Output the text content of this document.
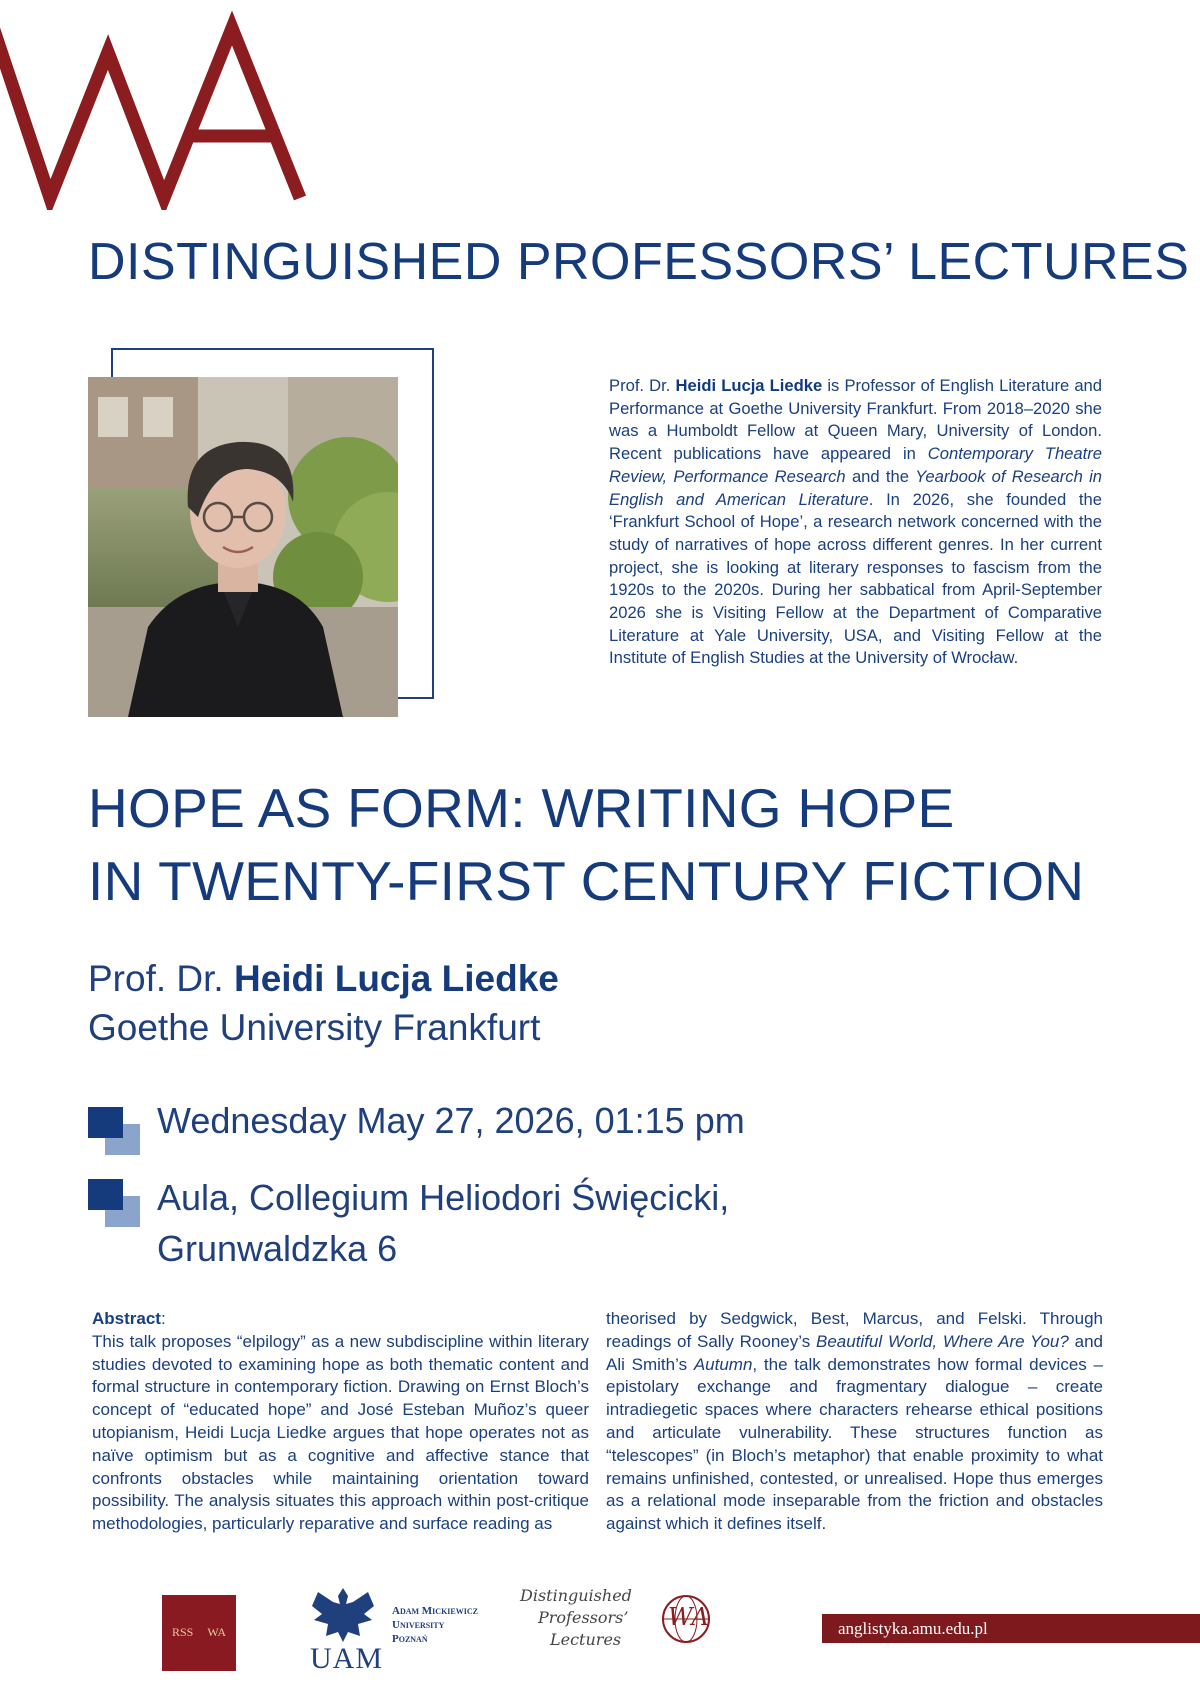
WA
DISTINGUISHED PROFESSORS’ LECTURES
Prof. Dr. Heidi Lucja Liedke is Professor of English Literature and Performance at Goethe University Frankfurt. From 2018–2020 she was a Humboldt Fellow at Queen Mary, University of London. Recent publications have appeared in Contemporary Theatre Review, Performance Research and the Yearbook of Research in English and American Literature. In 2026, she founded the ‘Frankfurt School of Hope’, a research network concerned with the study of narratives of hope across different genres. In her current project, she is looking at literary responses to fascism from the 1920s to the 2020s. During her sabbatical from April-September 2026 she is Visiting Fellow at the Department of Comparative Literature at Yale University, USA, and Visiting Fellow at the Institute of English Studies at the University of Wrocław.
HOPE AS FORM: WRITING HOPE
IN TWENTY-FIRST CENTURY FICTION
Prof. Dr. Heidi Lucja Liedke
Goethe University Frankfurt
Wednesday May 27, 2026, 01:15 pm
Aula, Collegium Heliodori Święcicki,
Grunwaldzka 6
Abstract:
This talk proposes “elpilogy” as a new subdiscipline within literary studies devoted to examining hope as both thematic content and formal structure in contemporary fiction. Drawing on Ernst Bloch’s concept of “educated hope” and José Esteban Muñoz’s queer utopianism, Heidi Lucja Liedke argues that hope operates not as naïve optimism but as a cognitive and affective stance that confronts obstacles while maintaining orientation toward possibility. The analysis situates this approach within post-critique methodologies, particularly reparative and surface reading as
theorised by Sedgwick, Best, Marcus, and Felski. Through readings of Sally Rooney’s Beautiful World, Where Are You? and Ali Smith’s Autumn, the talk demonstrates how formal devices – epistolary exchange and fragmentary dialogue – create intradiegetic spaces where characters rehearse ethical positions and articulate vulnerability. These structures function as “telescopes” (in Bloch’s metaphor) that enable proximity to what remains unfinished, contested, or unrealised. Hope thus emerges as a relational mode inseparable from the friction and obstacles against which it defines itself.
RSS WA
UAM
Adam Mickiewicz
University
Poznań
Distinguished
Professors’
Lectures
WA	anglistyka.amu.edu.pl
